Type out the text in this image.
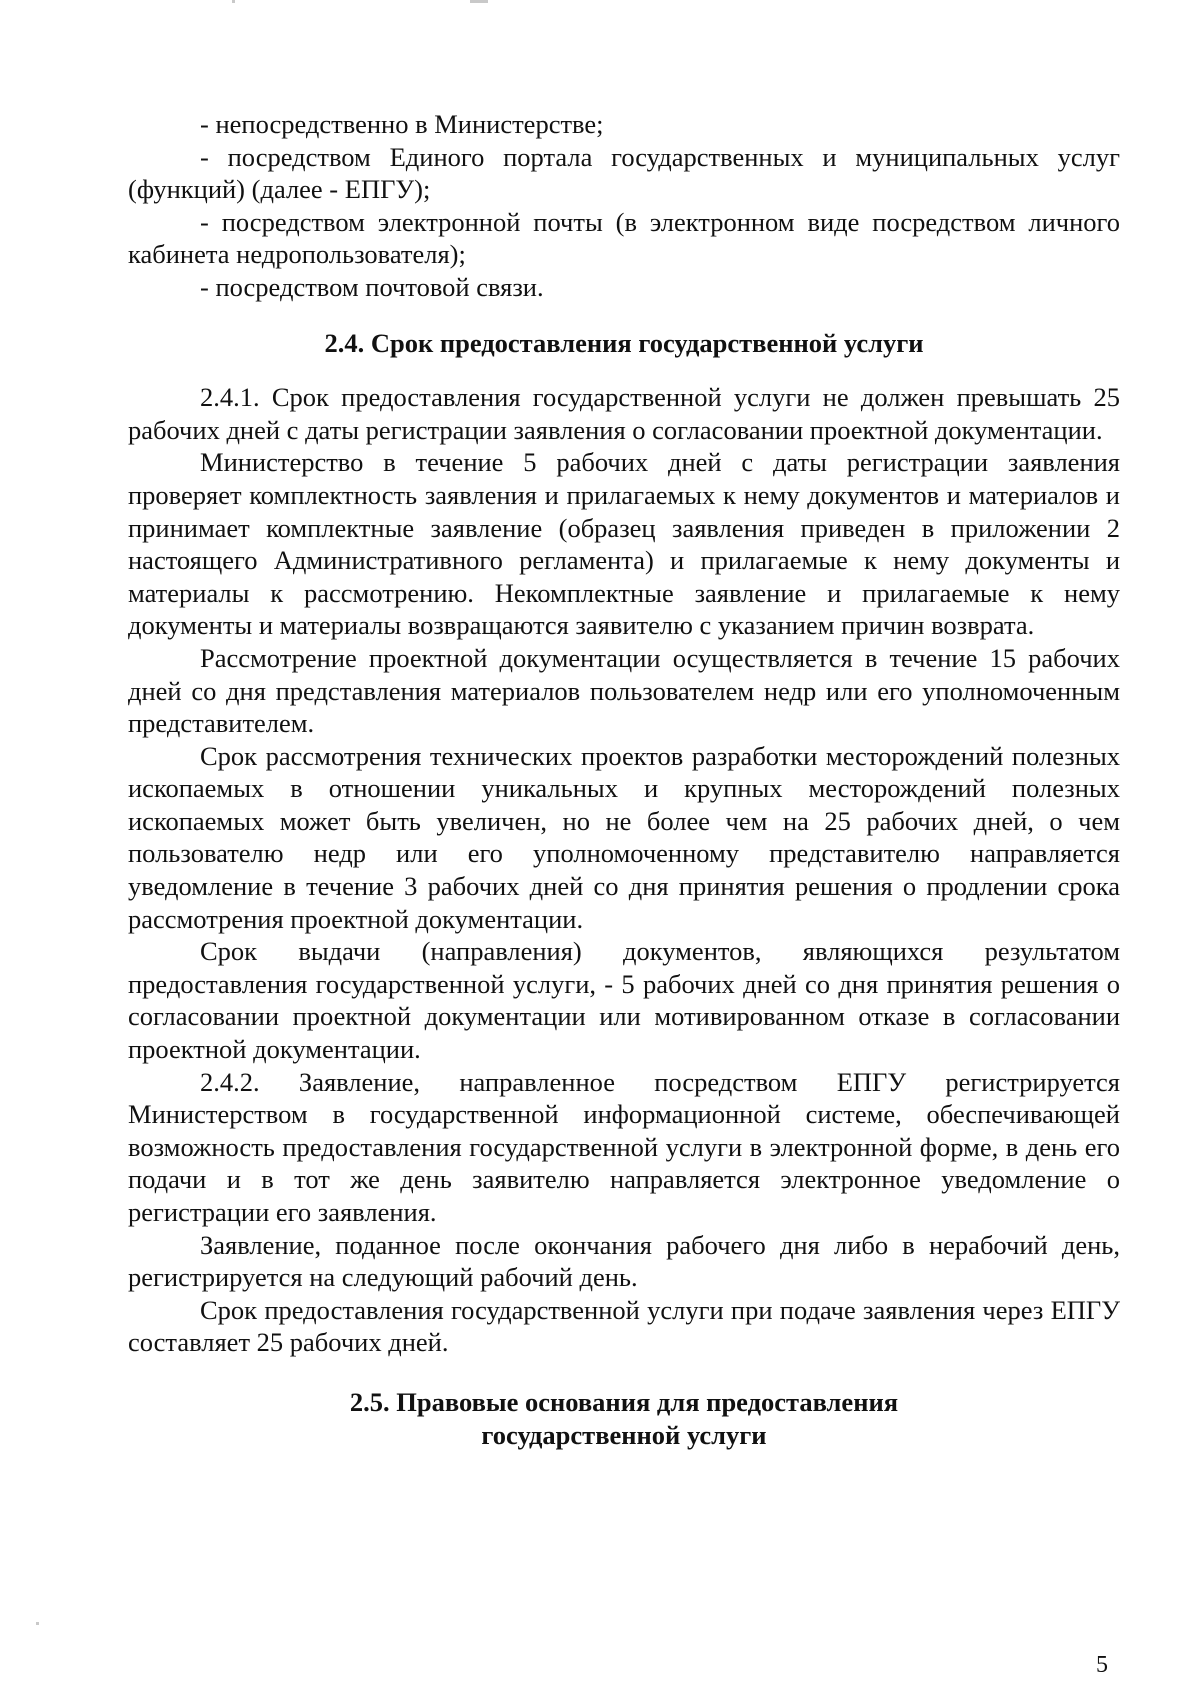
- непосредственно в Министерстве;

- посредством Единого портала государственных и муниципальных услуг (функций) (далее - ЕПГУ);

- посредством электронной почты (в электронном виде посредством личного кабинета недропользователя);

- посредством почтовой связи.

2.4. Срок предоставления государственной услуги

2.4.1. Срок предоставления государственной услуги не должен превышать 25 рабочих дней с даты регистрации заявления о согласовании проектной документации.

Министерство в течение 5 рабочих дней с даты регистрации заявления проверяет комплектность заявления и прилагаемых к нему документов и материалов и принимает комплектные заявление (образец заявления приведен в приложении 2 настоящего Административного регламента) и прилагаемые к нему документы и материалы к рассмотрению. Некомплектные заявление и прилагаемые к нему документы и материалы возвращаются заявителю с указанием причин возврата.

Рассмотрение проектной документации осуществляется в течение 15 рабочих дней со дня представления материалов пользователем недр или его уполномоченным представителем.

Срок рассмотрения технических проектов разработки месторождений полезных ископаемых в отношении уникальных и крупных месторождений полезных ископаемых может быть увеличен, но не более чем на 25 рабочих дней, о чем пользователю недр или его уполномоченному представителю направляется уведомление в течение 3 рабочих дней со дня принятия решения о продлении срока рассмотрения проектной документации.

Срок выдачи (направления) документов, являющихся результатом предоставления государственной услуги, - 5 рабочих дней со дня принятия решения о согласовании проектной документации или мотивированном отказе в согласовании проектной документации.

2.4.2. Заявление, направленное посредством ЕПГУ регистрируется Министерством в государственной информационной системе, обеспечивающей возможность предоставления государственной услуги в электронной форме, в день его подачи и в тот же день заявителю направляется электронное уведомление о регистрации его заявления.

Заявление, поданное после окончания рабочего дня либо в нерабочий день, регистрируется на следующий рабочий день.

Срок предоставления государственной услуги при подаче заявления через ЕПГУ составляет 25 рабочих дней.

2.5. Правовые основания для предоставления государственной услуги
5
